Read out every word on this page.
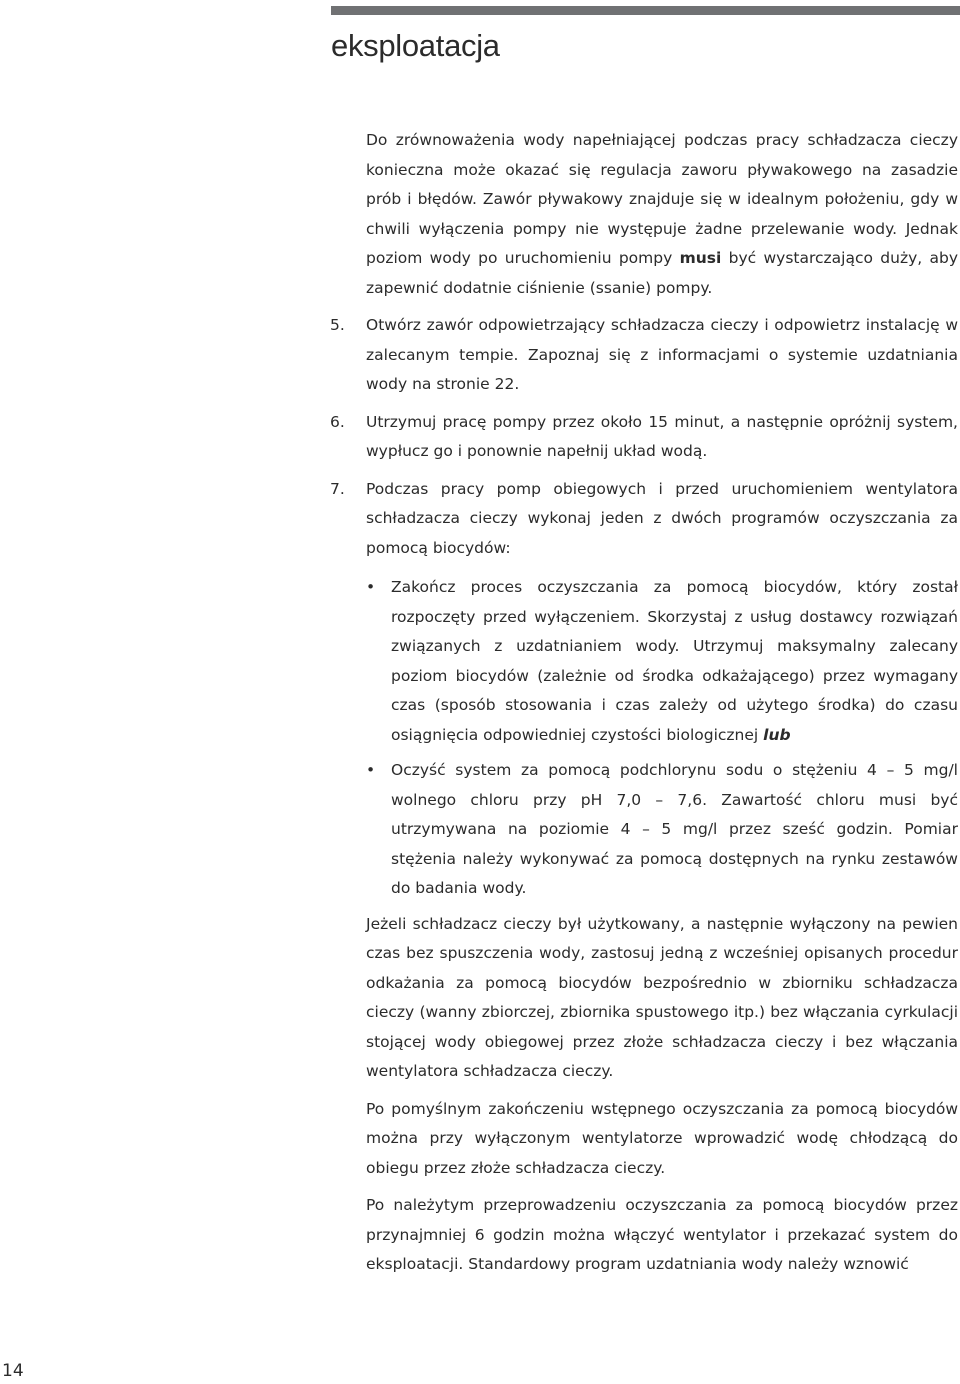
eksploatacja

Do zrównoważenia wody napełniającej podczas pracy schładzacza cieczy konieczna może okazać się regulacja zaworu pływakowego na zasadzie prób i błędów. Zawór pływakowy znajduje się w idealnym położeniu, gdy w chwili wyłączenia pompy nie występuje żadne przelewanie wody. Jednak poziom wody po uruchomieniu pompy musi być wystarczająco duży, aby zapewnić dodatnie ciśnienie (ssanie) pompy.

5. Otwórz zawór odpowietrzający schładzacza cieczy i odpowietrz instalację w zalecanym tempie. Zapoznaj się z informacjami o systemie uzdatniania wody na stronie 22.

6. Utrzymuj pracę pompy przez około 15 minut, a następnie opróżnij system, wypłucz go i ponownie napełnij układ wodą.

7. Podczas pracy pomp obiegowych i przed uruchomieniem wentylatora schładzacza cieczy wykonaj jeden z dwóch programów oczyszczania za pomocą biocydów:

• Zakończ proces oczyszczania za pomocą biocydów, który został rozpoczęty przed wyłączeniem. Skorzystaj z usług dostawcy rozwiązań związanych z uzdatnianiem wody. Utrzymuj maksymalny zalecany poziom biocydów (zależnie od środka odkażającego) przez wymagany czas (sposób stosowania i czas zależy od użytego środka) do czasu osiągnięcia odpowiedniej czystości biologicznej lub
• Oczyść system za pomocą podchlorynu sodu o stężeniu 4 – 5 mg/l wolnego chloru przy pH 7,0 – 7,6. Zawartość chloru musi być utrzymywana na poziomie 4 – 5 mg/l przez sześć godzin. Pomiar stężenia należy wykonywać za pomocą dostępnych na rynku zestawów do badania wody.

Jeżeli schładzacz cieczy był użytkowany, a następnie wyłączony na pewien czas bez spuszczenia wody, zastosuj jedną z wcześniej opisanych procedur odkażania za pomocą biocydów bezpośrednio w zbiorniku schładzacza cieczy (wanny zbiorczej, zbiornika spustowego itp.) bez włączania cyrkulacji stojącej wody obiegowej przez złoże schładzacza cieczy i bez włączania wentylatora schładzacza cieczy.

Po pomyślnym zakończeniu wstępnego oczyszczania za pomocą biocydów można przy wyłączonym wentylatorze wprowadzić wodę chłodzącą do obiegu przez złoże schładzacza cieczy.

Po należytym przeprowadzeniu oczyszczania za pomocą biocydów przez przynajmniej 6 godzin można włączyć wentylator i przekazać system do eksploatacji. Standardowy program uzdatniania wody należy wznowić

14
